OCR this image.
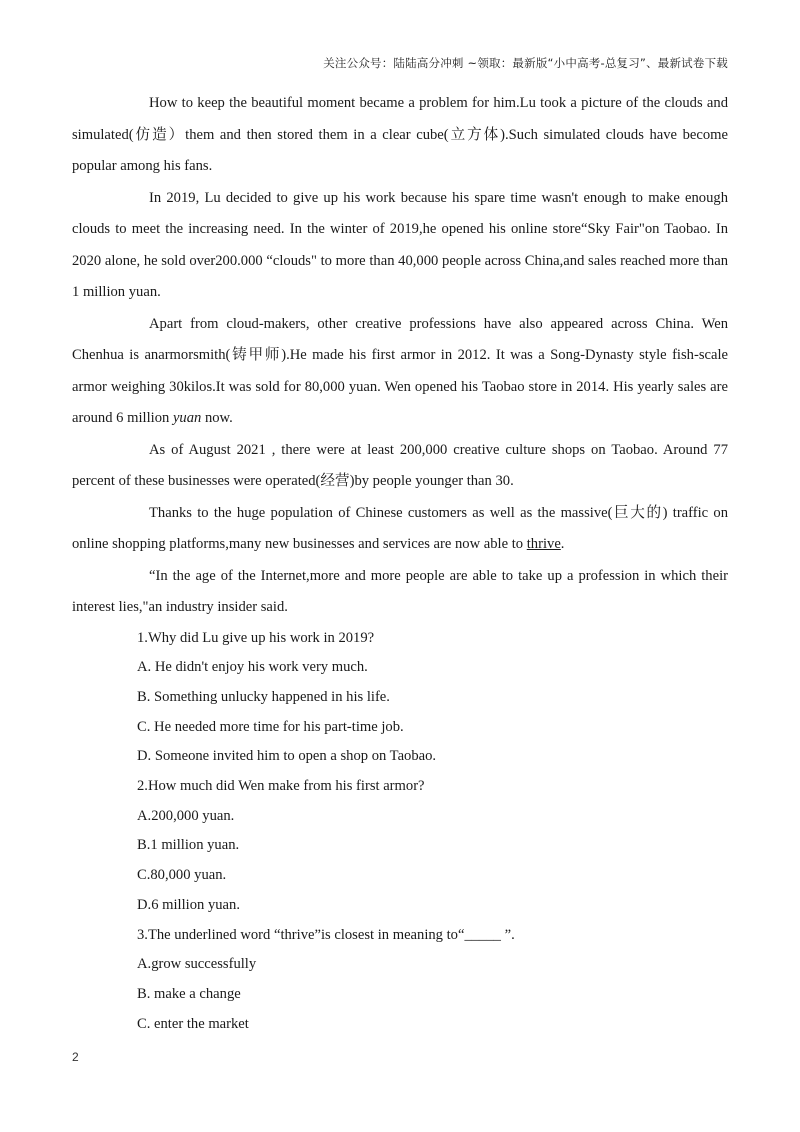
关注公众号：陆陆高分冲刺 ~领取：最新版“小中高考-总复习”、最新试卷下载

How to keep the beautiful moment became a problem for him.Lu took a picture of the clouds and simulated(仿造）them and then stored them in a clear cube(立方体).Such simulated clouds have become popular among his fans.

In 2019, Lu decided to give up his work because his spare time wasn't enough to make enough clouds to meet the increasing need. In the winter of 2019,he opened his online store“Sky Fair"on Taobao. In 2020 alone, he sold over200.000 “clouds" to more than 40,000 people across China,and sales reached more than 1 million yuan.

Apart from cloud-makers, other creative professions have also appeared across China. Wen Chenhua is anarmorsmith(铸甲师).He made his first armor in 2012. It was a Song-Dynasty style fish-scale armor weighing 30kilos.It was sold for 80,000 yuan. Wen opened his Taobao store in 2014. His yearly sales are around 6 million yuan now.

As of August 2021 , there were at least 200,000 creative culture shops on Taobao. Around 77 percent of these businesses were operated(经营)by people younger than 30.

Thanks to the huge population of Chinese customers as well as the massive(巨大的) traffic on online shopping platforms,many new businesses and services are now able to thrive.

“In the age of the Internet,more and more people are able to take up a profession in which their interest lies,"an industry insider said.

1.Why did Lu give up his work in 2019?
A. He didn't enjoy his work very much.
B. Something unlucky happened in his life.
C. He needed more time for his part-time job.
D. Someone invited him to open a shop on Taobao.
2.How much did Wen make from his first armor?
A.200,000 yuan.
B.1 million yuan.
C.80,000 yuan.
D.6 million yuan.
3.The underlined word “thrive”is closest in meaning to“_____ ”.
A.grow successfully
B. make a change
C. enter the market
2
